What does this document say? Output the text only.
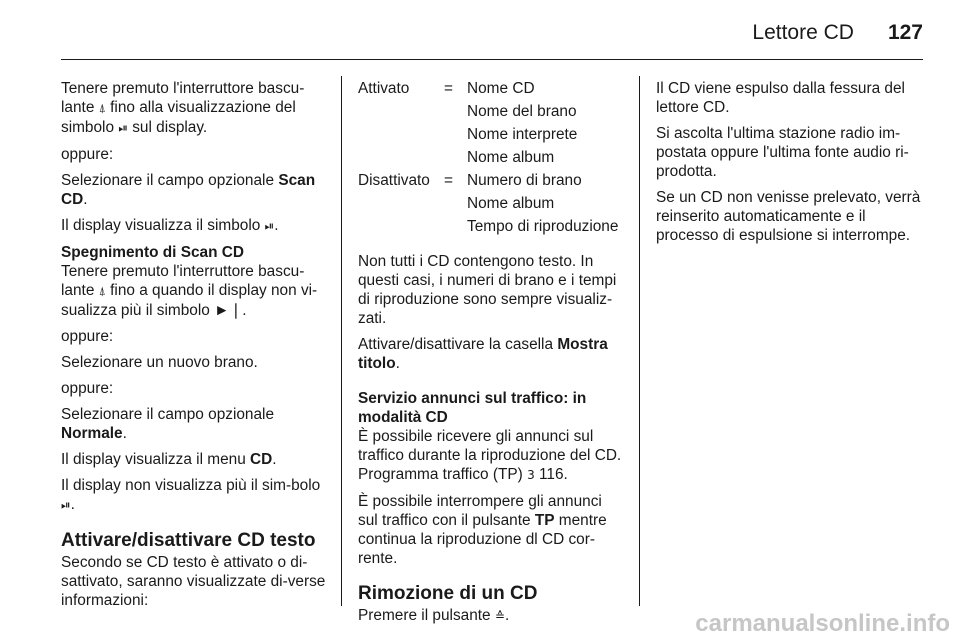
Lettore CD 127

Tenere premuto l'interruttore bascu-lante ⍋ fino alla visualizzazione del simbolo ⏯ sul display.

oppure:

Selezionare il campo opzionale Scan CD.

Il display visualizza il simbolo ⏯.

Spegnimento di Scan CD

Tenere premuto l'interruttore bascu-lante ⍋ fino a quando il display non vi-sualizza più il simbolo ►❘.

oppure:

Selezionare un nuovo brano.

oppure:

Selezionare il campo opzionale Normale.

Il display visualizza il menu CD.

Il display non visualizza più il sim-bolo ⏯.

Attivare/disattivare CD testo

Secondo se CD testo è attivato o di-sattivato, saranno visualizzate di-verse informazioni:

Attivato	=	Nome CD
		Nome del brano
		Nome interprete
		Nome album
Disattivato	=	Numero di brano
		Nome album
		Tempo di riproduzione

Non tutti i CD contengono testo. In questi casi, i numeri di brano e i tempi di riproduzione sono sempre visualiz-zati.

Attivare/disattivare la casella Mostra titolo.

Servizio annunci sul traffico: in modalità CD

È possibile ricevere gli annunci sul traffico durante la riproduzione del CD. Programma traffico (TP) 3 116.

È possibile interrompere gli annunci sul traffico con il pulsante TP mentre continua la riproduzione dl CD cor-rente.

Rimozione di un CD

Premere il pulsante ≙.

Il CD viene espulso dalla fessura del lettore CD.

Si ascolta l'ultima stazione radio im-postata oppure l'ultima fonte audio ri-prodotta.

Se un CD non venisse prelevato, verrà reinserito automaticamente e il processo di espulsione si interrompe.

carmanualsonline.info
